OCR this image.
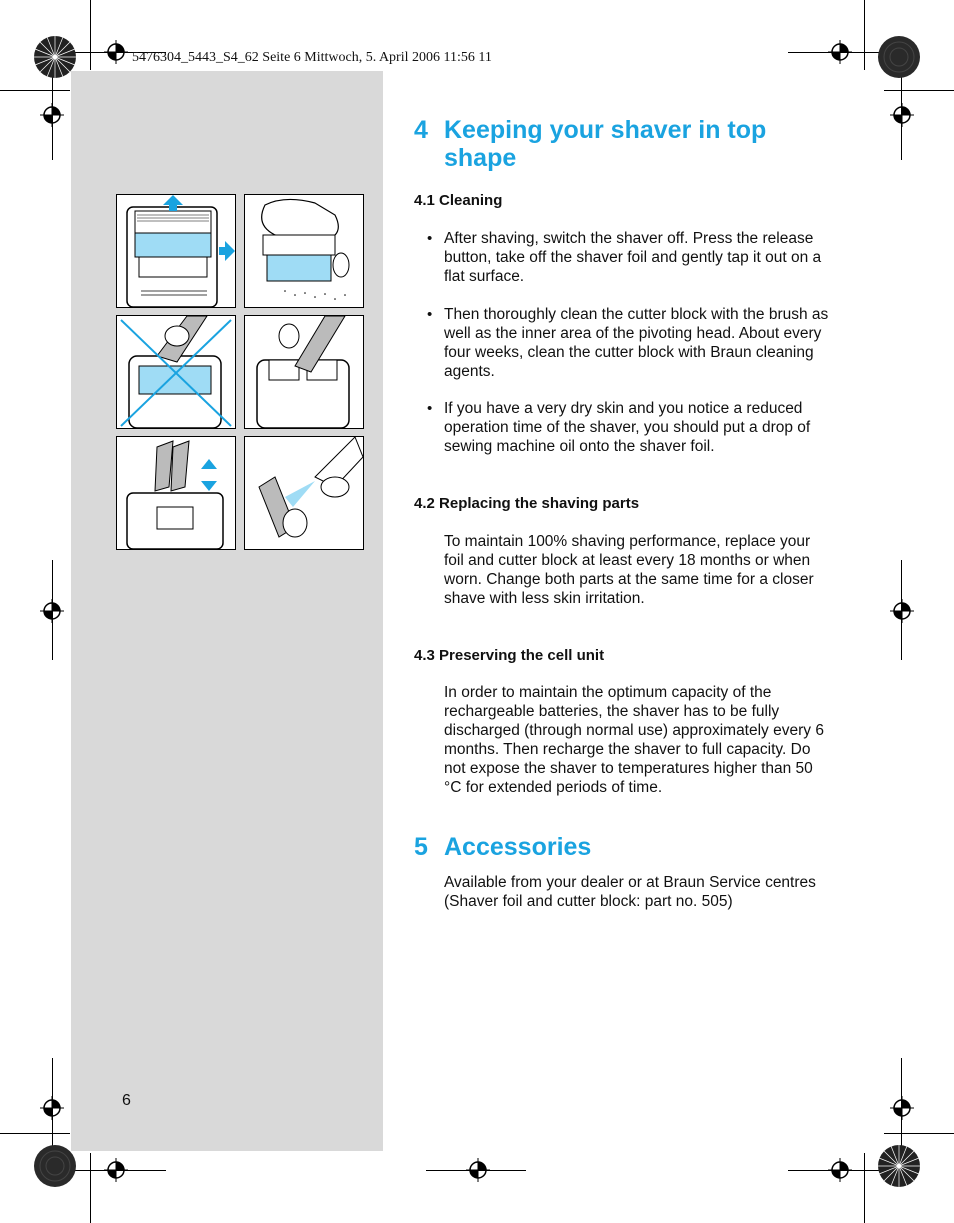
5476304_5443_S4_62 Seite 6 Mittwoch, 5. April 2006 11:56 11
4 Keeping your shaver in top shape
4.1 Cleaning
• After shaving, switch the shaver off. Press the release button, take off the shaver foil and gently tap it out on a flat surface.
• Then thoroughly clean the cutter block with the brush as well as the inner area of the pivoting head. About every four weeks, clean the cutter block with Braun cleaning agents.
• If you have a very dry skin and you notice a reduced operation time of the shaver, you should put a drop of sewing machine oil onto the shaver foil.
4.2 Replacing the shaving parts
To maintain 100% shaving performance, replace your foil and cutter block at least every 18 months or when worn. Change both parts at the same time for a closer shave with less skin irritation.
4.3 Preserving the cell unit
In order to maintain the optimum capacity of the rechargeable batteries, the shaver has to be fully discharged (through normal use) approximately every 6 months. Then recharge the shaver to full capacity. Do not expose the shaver to temperatures higher than 50 °C for extended periods of time.
5 Accessories
Available from your dealer or at Braun Service centres (Shaver foil and cutter block: part no. 505)
6
